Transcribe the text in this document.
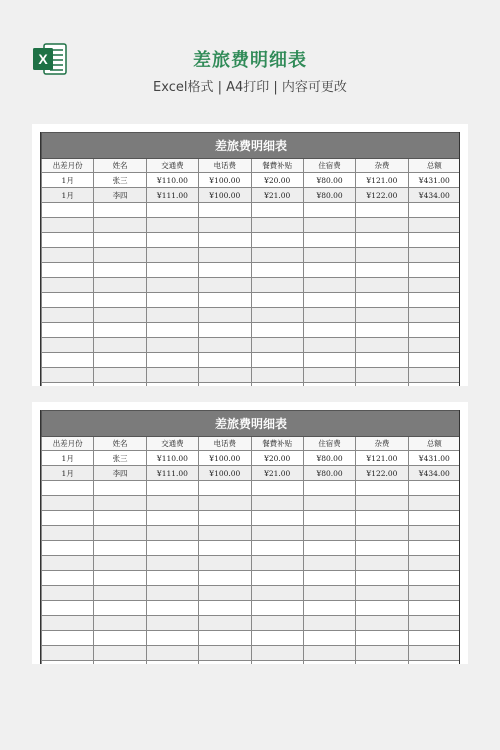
X	差旅费明细表
Excel格式 | A4打印 | 内容可更改
差旅费明细表							
出差月份	姓名	交通费	电话费	餐費补贴	住宿费	杂费	总额
1月	张三	¥110.00	¥100.00	¥20.00	¥80.00	¥121.00	¥431.00
1月	李四	¥111.00	¥100.00	¥21.00	¥80.00	¥122.00	¥434.00

差旅费明细表							
出差月份	姓名	交通费	电话费	餐費补贴	住宿费	杂费	总额
1月	张三	¥110.00	¥100.00	¥20.00	¥80.00	¥121.00	¥431.00
1月	李四	¥111.00	¥100.00	¥21.00	¥80.00	¥122.00	¥434.00
